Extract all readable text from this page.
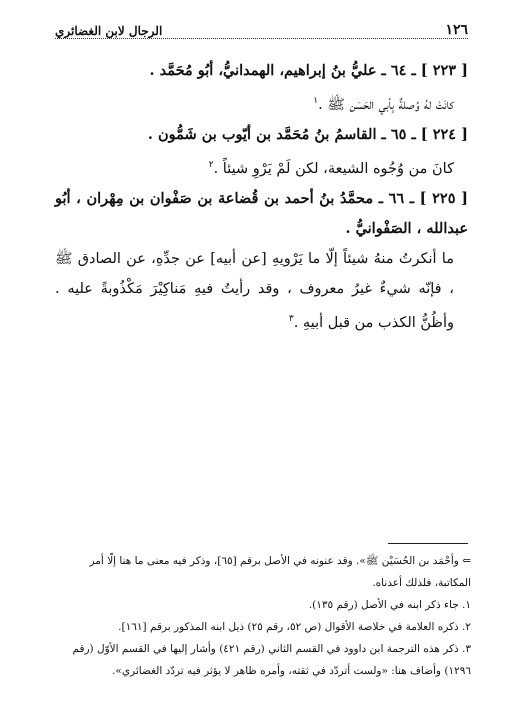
١٢٦
الرجال لابن الغضائري

[ ٢٢٣ ] ـ ٦٤ ـ عليُّ بنُ إبراهيم، الهمدانيُّ، أبُو مُحَمَّد .

كانَتْ لهُ وُصلةٌ بِأبي الحَسَن ﷺ .$^١$

[ ٢٢٤ ] ـ ٦٥ ـ القاسمُ بنُ مُحَمَّد بن أيّوب بن شَمُّون .

كانَ من وُجُوه الشيعة، لكن لَمْ يَرْوِ شيئاً .$^٢$

[ ٢٢٥ ] ـ ٦٦ ـ محمَّدُ بنُ أحمد بن قُضاعة بن صَفْوان بن مِهْران ، أبُو عبدالله ، الصَفْوانيُّ .

ما أنكرتُ منهُ شيئاً إلّا ما يَرْويهِ [عن أبيه] عن جدِّهِ، عن الصادق ﷺ ، فإنّه شيءٌ غيرُ معروف ، وقد رأيتُ فيهِ مَناكِيْرَ مَكْذُوبةً عليه . وأظُنُّ الكذب من قبل أبيهِ .$^٣$

⇐ وأحْمَد بن الحُسَيْن ﷺ». وقد عنونه في الأصل برقم [٦٥]، وذكر فيه معنى ما هنا إلّا أمر المكاتبة، فلذلك أعدناه.

١. جاء ذكر ابنه في الأصل (رقم ١٣٥).

٢. ذكره العلامة في خلاصة الأقوال (ص ٥٢، رقم ٢٥) ذيل ابنه المذكور برقم [١٦١].

٣. ذكر هذه الترجمة ابن داوود في القسم الثاني (رقم ٤٢١) وأشار إليها في القسم الأوّل (رقم ١٢٩٦) وأضاف هنا: «ولست أتردّد في ثقته، وأمره ظاهر لا يؤثر فيه تردّد الغضائري».
